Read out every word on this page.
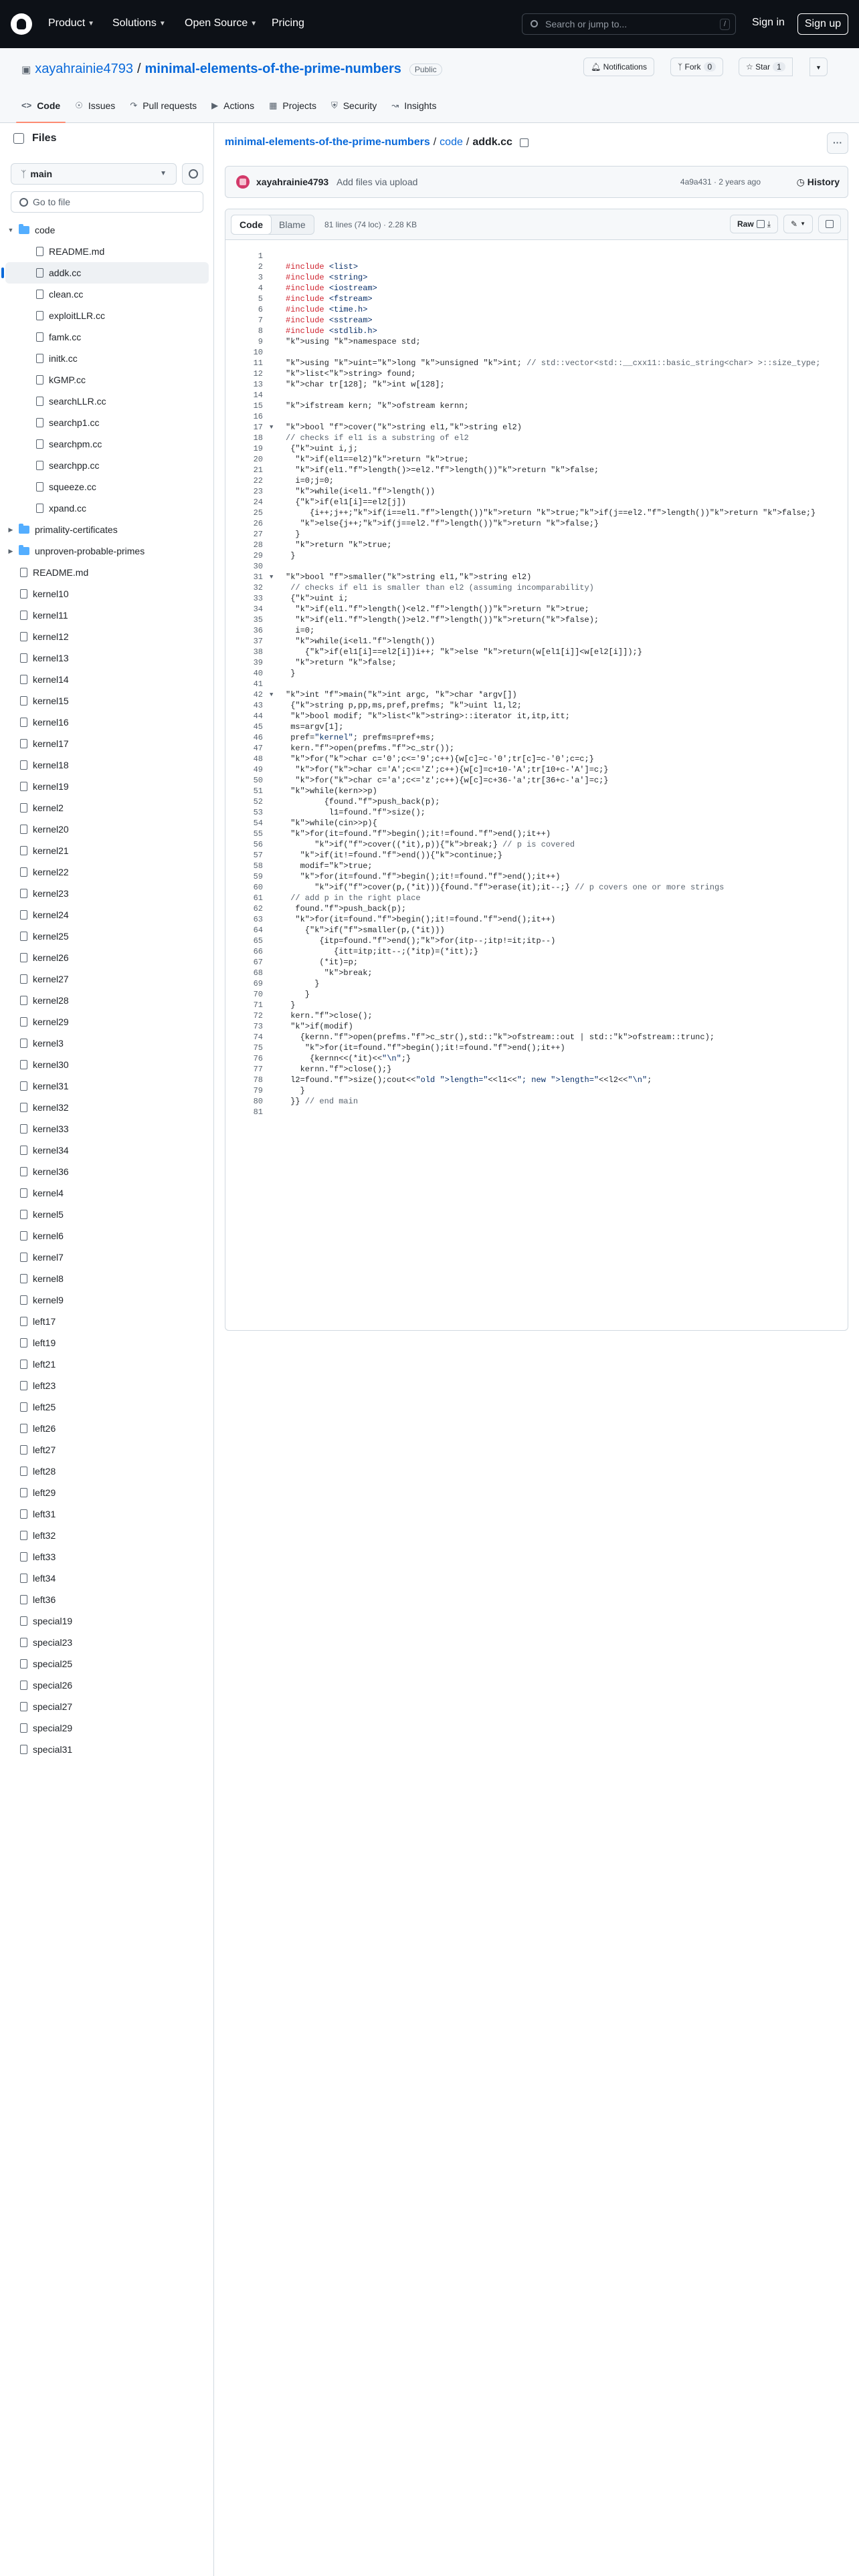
Product ▼ Solutions ▼ Open Source ▼ Pricing	Search or jump to...	/	Sign in	Sign up
▣ xayahrainie4793 / minimal-elements-of-the-prime-numbers	Public	🔔︎ Notifications	ᛉ Fork 0	☆ Star 1	▼
<> Code ☉ Issues ↷ Pull requests ▶ Actions ▦ Projects ⛨ Security ↝ Insights
Files
ᛉ main	▼
Go to file
▼ code
README.md
addk.cc
clean.cc
exploitLLR.cc
famk.cc
initk.cc
kGMP.cc
searchLLR.cc
searchp1.cc
searchpm.cc
searchpp.cc
squeeze.cc
xpand.cc
▶	primality-certificates
▶	unproven-probable-primes
README.md
kernel10
kernel11
kernel12
kernel13
kernel14
kernel15
kernel16
kernel17
kernel18
kernel19
kernel2
kernel20
kernel21
kernel22
kernel23
kernel24
kernel25
kernel26
kernel27
kernel28
kernel29
kernel3
kernel30
kernel31
kernel32
kernel33
kernel34
kernel36
kernel4
kernel5
kernel6
kernel7
kernel8
kernel9
left17
left19
left21
left23
left25
left26
left27
left28
left29
left31
left32
left33
left34
left36
special19
special23
special25
special26
special27
special29
special31
minimal-elements-of-the-prime-numbers / code / addk.cc	···
xayahrainie4793 Add files via upload	4a9a431 · 2 years ago	◷ History
Code	Blame	81 lines (74 loc) · 2.28 KB	Raw ⤓	✎ ▼
1
2	#include <list>
3	#include <string>
4	#include <iostream>
5	#include <fstream>
6	#include <time.h>
7	#include <sstream>
8	#include <stdlib.h>
9	"k">using "k">namespace std;
10
11	"k">using "k">uint="k">long "k">unsigned "k">int; // std::vector<std::__cxx11::basic_string<char> >::size_type;
12	"k">list<"k">string> found;
13	"k">char tr[128]; "k">int w[128];
14
15	"k">ifstream kern; "k">ofstream kernn;
16
17 ▼ "k">bool "f">cover("k">string el1,"k">string el2)
18	// checks if el1 is a substring of el2
19	{"k">uint i,j;
20	"k">if(el1==el2)"k">return "k">true;
21	"k">if(el1."f">length()>=el2."f">length())"k">return "k">false;
22	i=0;j=0;
23	"k">while(i<el1."f">length())
24	{"k">if(el1[i]==el2[j])
25	{i++;j++;"k">if(i==el1."f">length())"k">return "k">true;"k">if(j==el2."f">length())"k">return "k">false;}
26	"k">else{j++;"k">if(j==el2."f">length())"k">return "k">false;}
27	}
28	"k">return "k">true;
29	}
30
31 ▼ "k">bool "f">smaller("k">string el1,"k">string el2)
32	// checks if el1 is smaller than el2 (assuming incomparability)
33	{"k">uint i;
34	"k">if(el1."f">length()<el2."f">length())"k">return "k">true;
35	"k">if(el1."f">length()>el2."f">length())"k">return("k">false);
36	i=0;
37	"k">while(i<el1."f">length())
38	{"k">if(el1[i]==el2[i])i++; "k">else "k">return(w[el1[i]]<w[el2[i]]);}
39	"k">return "k">false;
40	}
41
42 ▼ "k">int "f">main("k">int argc, "k">char *argv[])
43	{"k">string p,pp,ms,pref,prefms; "k">uint l1,l2;
44	"k">bool modif; "k">list<"k">string>::iterator it,itp,itt;
45	ms=argv[1];
46	pref="kernel"; prefms=pref+ms;
47	kern."f">open(prefms."f">c_str());
48	"k">for("k">char c='0';c<='9';c++){w[c]=c-'0';tr[c]=c-'0';c=c;}
49	"k">for("k">char c='A';c<='Z';c++){w[c]=c+10-'A';tr[10+c-'A']=c;}
50	"k">for("k">char c='a';c<='z';c++){w[c]=c+36-'a';tr[36+c-'a']=c;}
51	"k">while(kern>>p)
52	{found."f">push_back(p);
53	l1=found."f">size();
54	"k">while(cin>>p){
55	"k">for(it=found."f">begin();it!=found."f">end();it++)
56	"k">if("f">cover((*it),p)){"k">break;} // p is covered
57	"k">if(it!=found."f">end()){"k">continue;}
58	modif="k">true;
59	"k">for(it=found."f">begin();it!=found."f">end();it++)
60	"k">if("f">cover(p,(*it))){found."f">erase(it);it--;} // p covers one or more strings
61	// add p in the right place
62	found."f">push_back(p);
63	"k">for(it=found."f">begin();it!=found."f">end();it++)
64	{"k">if("f">smaller(p,(*it)))
65	{itp=found."f">end();"k">for(itp--;itp!=it;itp--)
66	{itt=itp;itt--;(*itp)=(*itt);}
67	(*it)=p;
68	"k">break;
69	}
70	}
71	}
72	kern."f">close();
73	"k">if(modif)
74	{kernn."f">open(prefms."f">c_str(),std::"k">ofstream::out | std::"k">ofstream::trunc);
75	"k">for(it=found."f">begin();it!=found."f">end();it++)
76	{kernn<<(*it)<<"\n";}
77	kernn."f">close();}
78	l2=found."f">size();cout<<"old ">length="<<l1<<"; new ">length="<<l2<<"\n";
79	}
80	}} // end main
81
